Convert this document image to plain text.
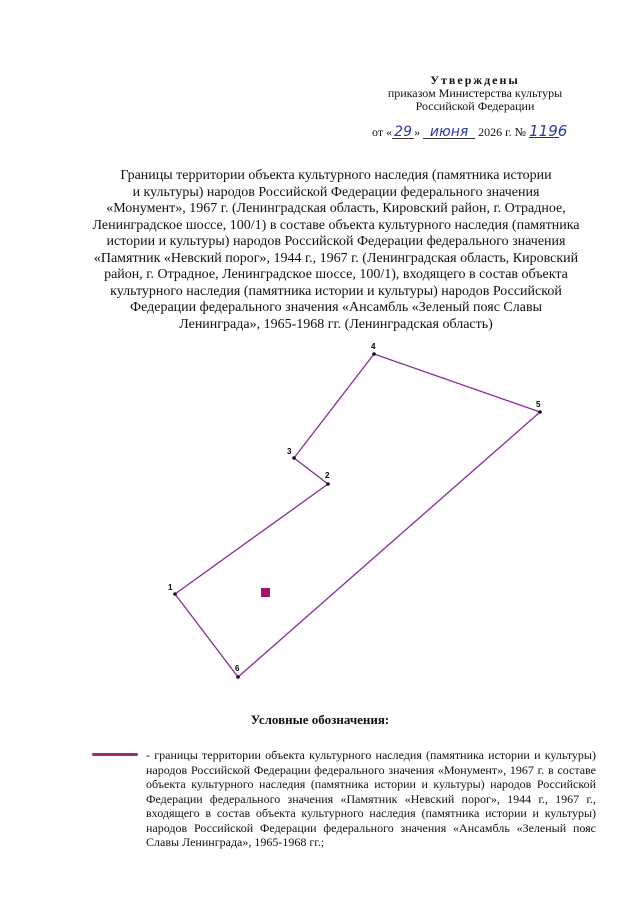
Утверждены
приказом Министерства культуры
Российской Федерации
от « 29 » июня 2026 г. № 1196
Границы территории объекта культурного наследия (памятника истории
и культуры) народов Российской Федерации федерального значения
«Монумент», 1967 г. (Ленинградская область, Кировский район, г. Отрадное,
Ленинградское шоссе, 100/1) в составе объекта культурного наследия (памятника
истории и культуры) народов Российской Федерации федерального значения
«Памятник «Невский порог», 1944 г., 1967 г. (Ленинградская область, Кировский
район, г. Отрадное, Ленинградское шоссе, 100/1), входящего в состав объекта
культурного наследия (памятника истории и культуры) народов Российской
Федерации федерального значения «Ансамбль «Зеленый пояс Славы
Ленинграда», 1965-1968 гг. (Ленинградская область)
1
2
3
4
5
6
Условные обозначения:
- границы территории объекта культурного наследия (памятника истории и культуры) народов Российской Федерации федерального значения «Монумент», 1967 г. в составе объекта культурного наследия (памятника истории и культуры) народов Российской Федерации федерального значения «Памятник «Невский порог», 1944 г., 1967 г., входящего в состав объекта культурного наследия (памятника истории и культуры) народов Российской Федерации федерального значения «Ансамбль «Зеленый пояс Славы Ленинграда», 1965-1968 гг.;
